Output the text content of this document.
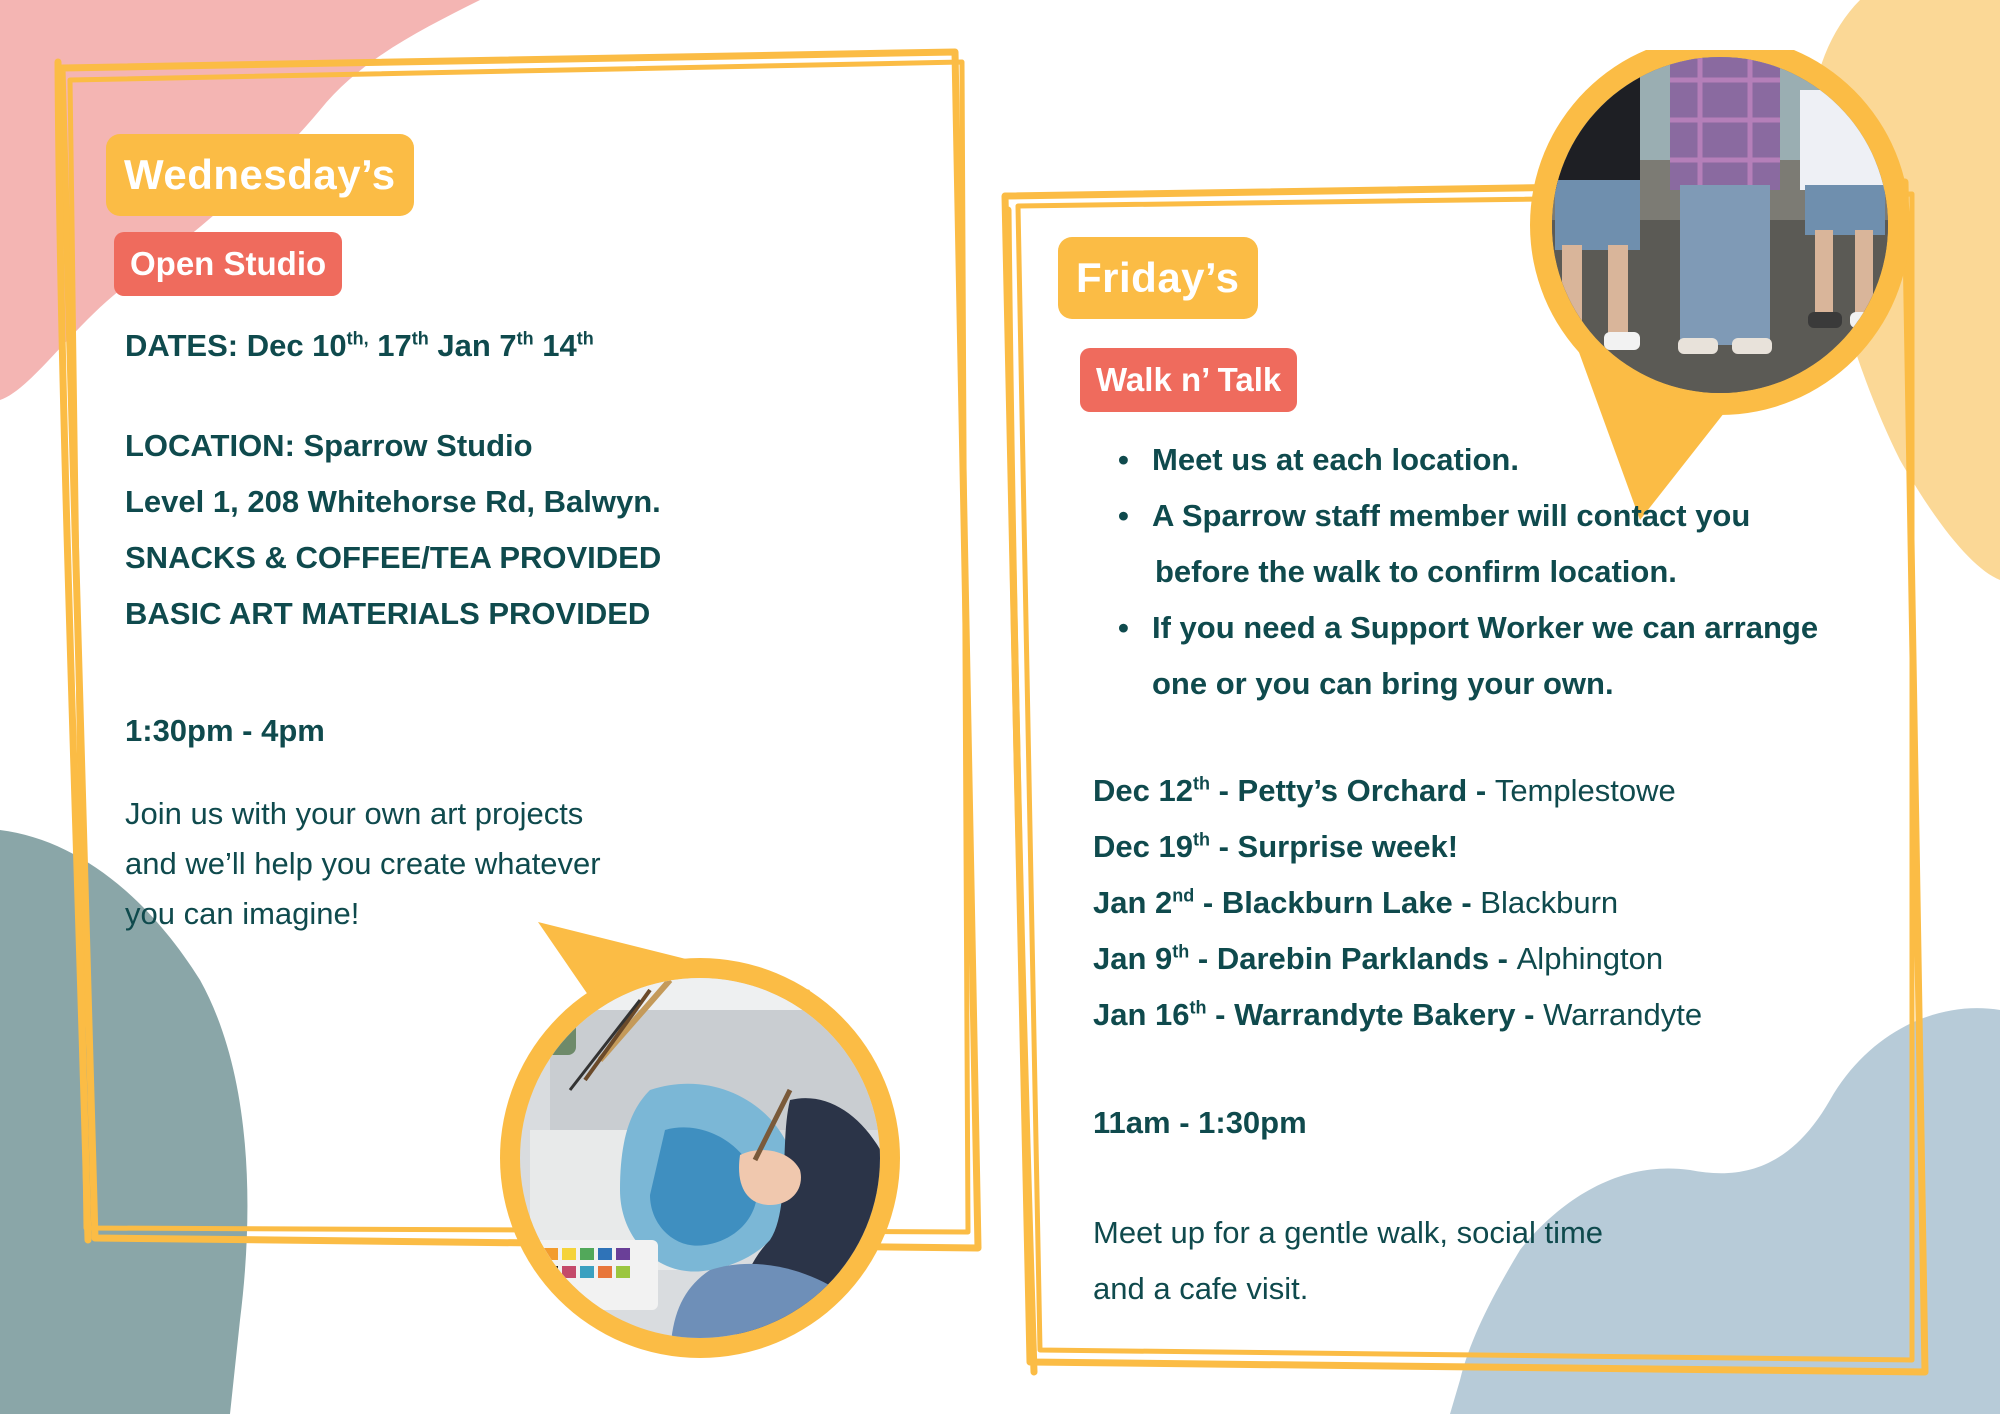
Wednesday’s
Open Studio
DATES: Dec $10^{th,}$ 17th Jan 7th 14th
LOCATION: Sparrow Studio
Level 1, 208 Whitehorse Rd, Balwyn.
SNACKS & COFFEE/TEA PROVIDED
BASIC ART MATERIALS PROVIDED
1:30pm - 4pm
Join us with your own art projects
and we’ll help you create whatever
you can imagine!
Friday’s
Walk n’ Talk
• Meet us at each location.
• A Sparrow staff member will contact you
before the walk to confirm location.
• If you need a Support Worker we can arrange
one or you can bring your own.
Dec 12th - Petty’s Orchard - Templestowe
Dec 19th - Surprise week!
Jan 2nd - Blackburn Lake - Blackburn
Jan 9th - Darebin Parklands - Alphington
Jan 16th - Warrandyte Bakery - Warrandyte
11am - 1:30pm
Meet up for a gentle walk, social time
and a cafe visit.
